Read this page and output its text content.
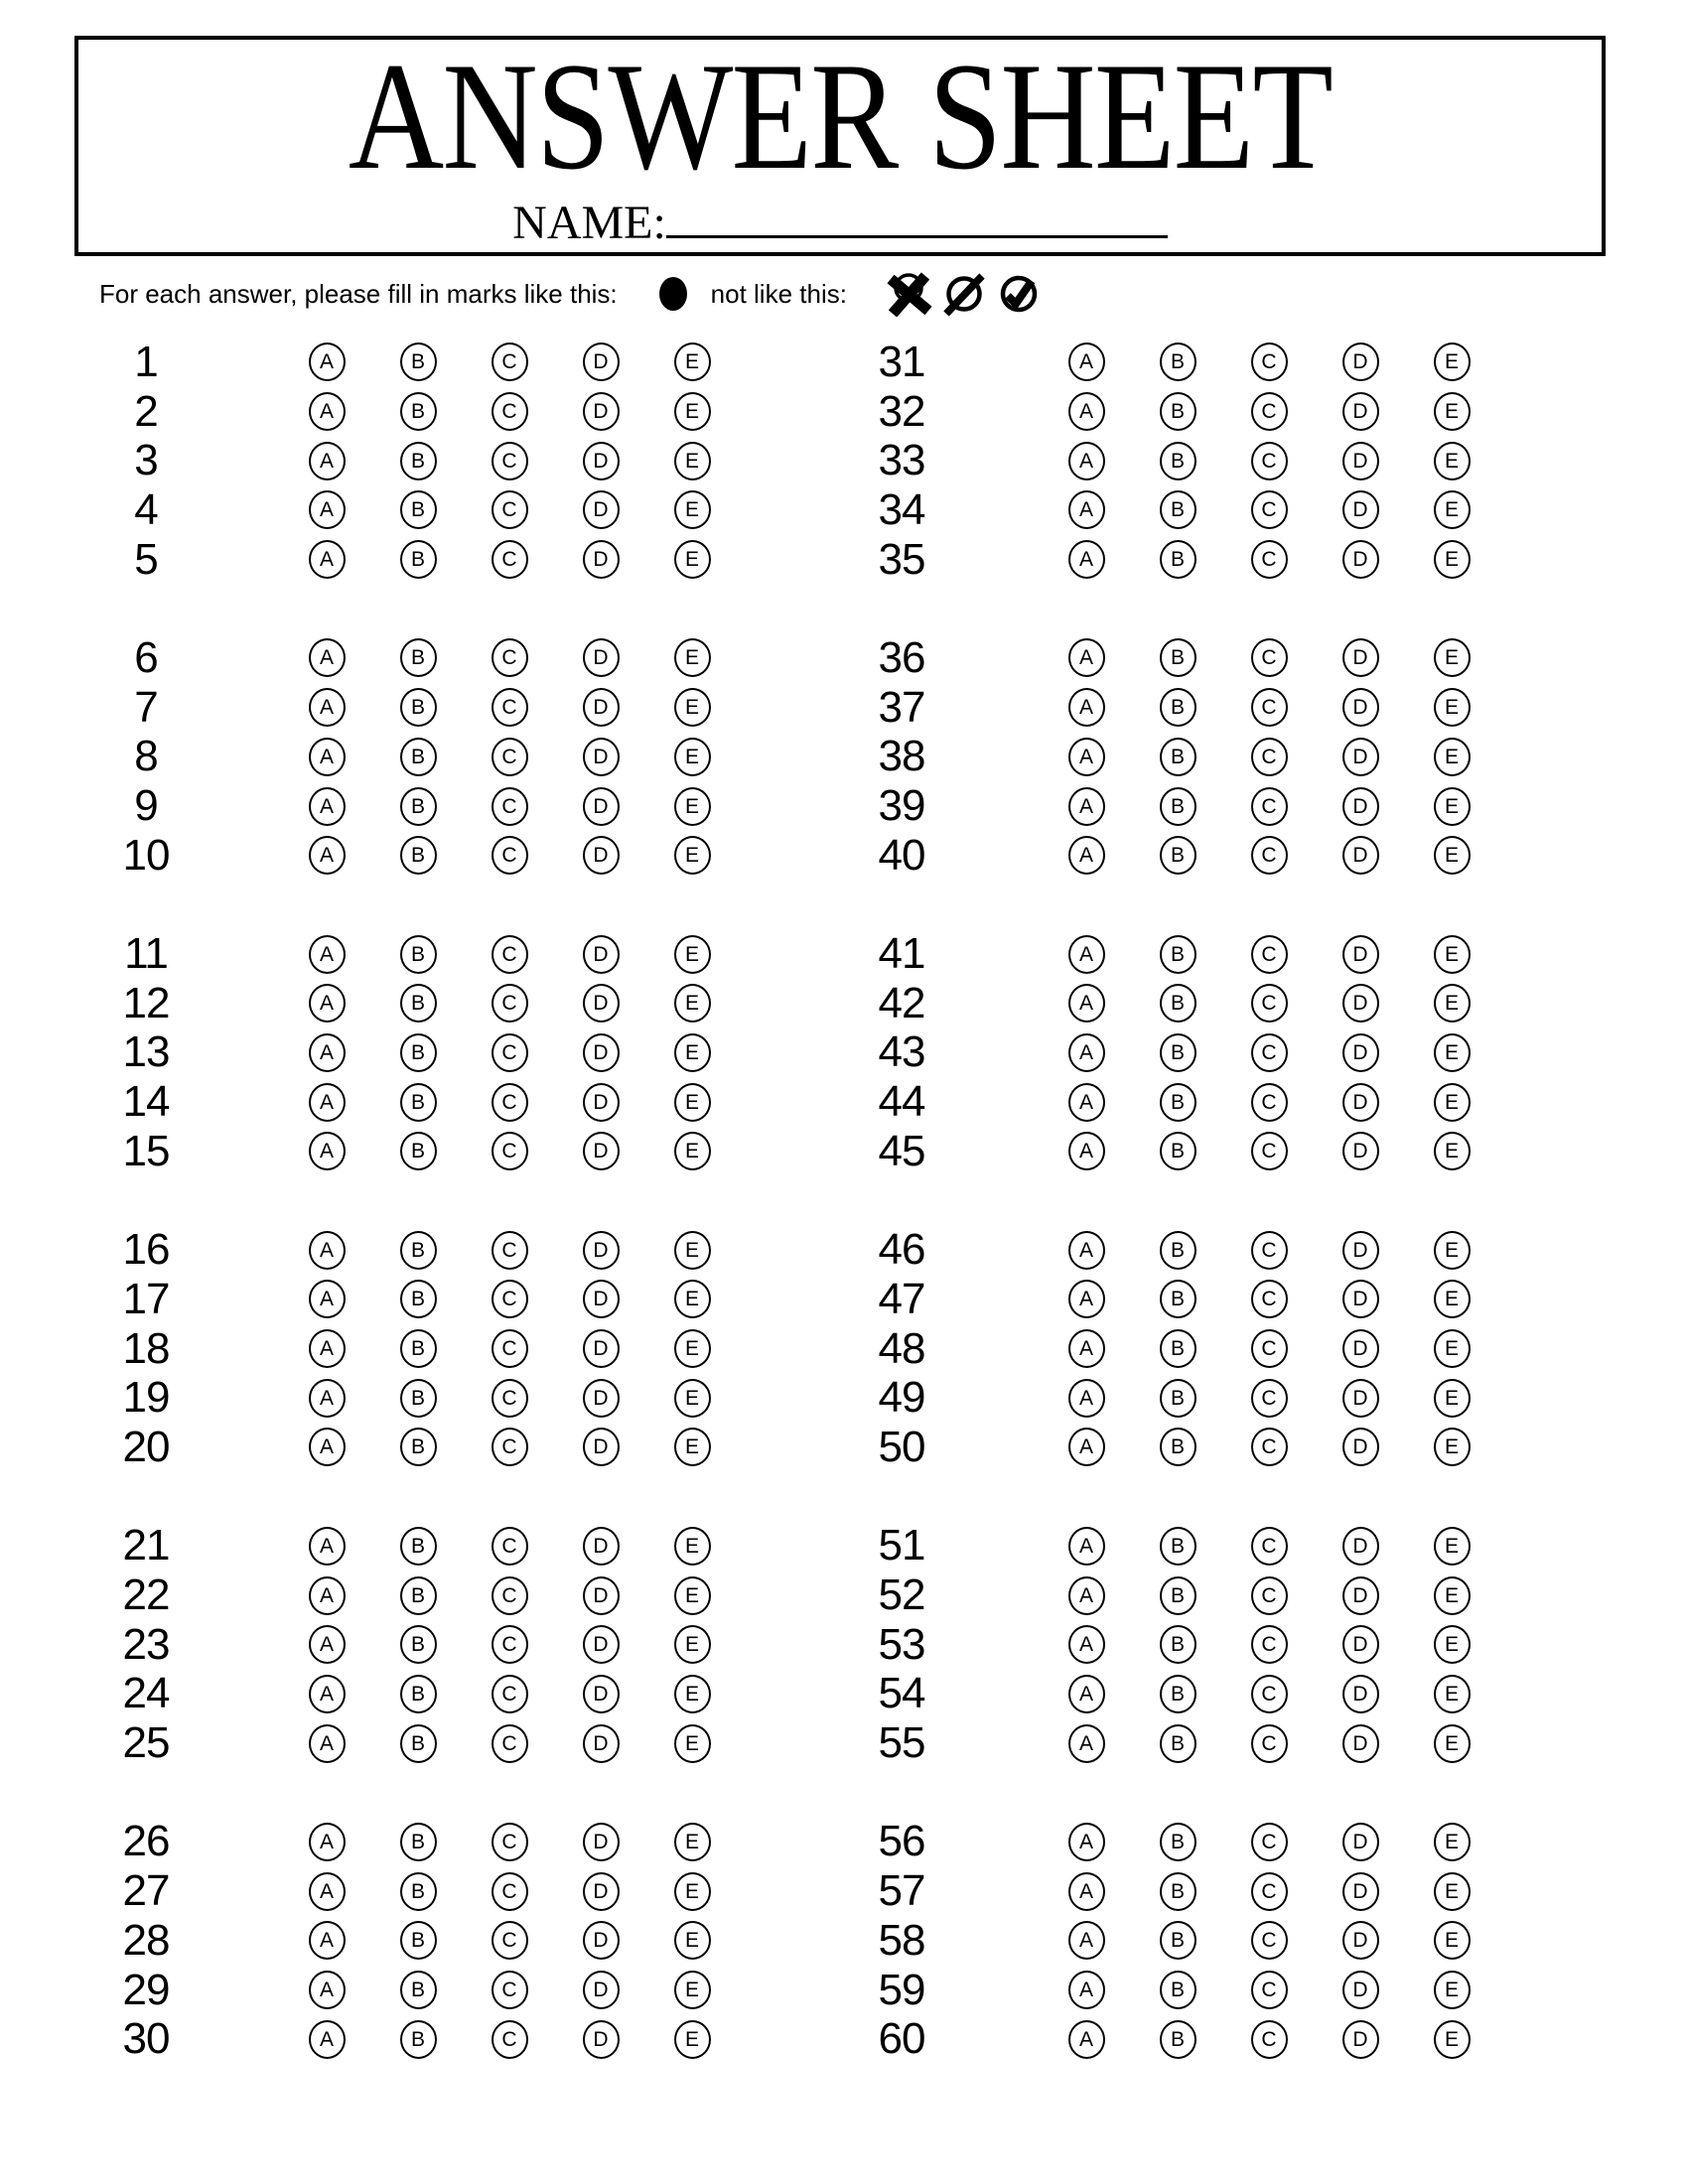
ANSWER SHEET
NAME:
For each answer, please fill in marks like this:	not like this:
1	A	B	C	D	E
2	A	B	C	D	E
3	A	B	C	D	E
4	A	B	C	D	E
5	A	B	C	D	E
6	A	B	C	D	E
7	A	B	C	D	E
8	A	B	C	D	E
9	A	B	C	D	E
10	A	B	C	D	E
11	A	B	C	D	E
12	A	B	C	D	E
13	A	B	C	D	E
14	A	B	C	D	E
15	A	B	C	D	E
16	A	B	C	D	E
17	A	B	C	D	E
18	A	B	C	D	E
19	A	B	C	D	E
20	A	B	C	D	E
21	A	B	C	D	E
22	A	B	C	D	E
23	A	B	C	D	E
24	A	B	C	D	E
25	A	B	C	D	E
26	A	B	C	D	E
27	A	B	C	D	E
28	A	B	C	D	E
29	A	B	C	D	E
30	A	B	C	D	E
31	A	B	C	D	E
32	A	B	C	D	E
33	A	B	C	D	E
34	A	B	C	D	E
35	A	B	C	D	E
36	A	B	C	D	E
37	A	B	C	D	E
38	A	B	C	D	E
39	A	B	C	D	E
40	A	B	C	D	E
41	A	B	C	D	E
42	A	B	C	D	E
43	A	B	C	D	E
44	A	B	C	D	E
45	A	B	C	D	E
46	A	B	C	D	E
47	A	B	C	D	E
48	A	B	C	D	E
49	A	B	C	D	E
50	A	B	C	D	E
51	A	B	C	D	E
52	A	B	C	D	E
53	A	B	C	D	E
54	A	B	C	D	E
55	A	B	C	D	E
56	A	B	C	D	E
57	A	B	C	D	E
58	A	B	C	D	E
59	A	B	C	D	E
60	A	B	C	D	E
